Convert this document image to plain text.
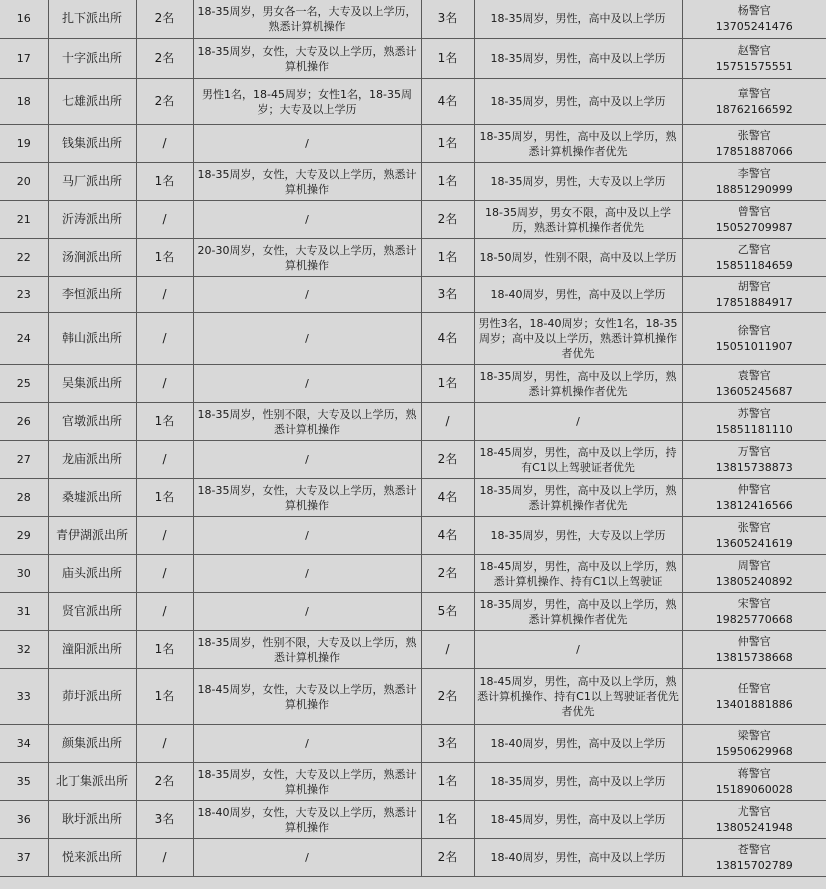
16	扎下派出所	2名	18-35周岁，男女各一名，大专及以上学历，熟悉计算机操作	3名	18-35周岁，男性，高中及以上学历	杨警官
13705241476

17	十字派出所	2名	18-35周岁，女性，大专及以上学历，熟悉计算机操作	1名	18-35周岁，男性，高中及以上学历	赵警官
15751575551

18	七雄派出所	2名	男性1名，18-45周岁；女性1名，18-35周岁；大专及以上学历	4名	18-35周岁，男性，高中及以上学历	章警官
18762166592

19	钱集派出所	/	/	1名	18-35周岁，男性，高中及以上学历，熟悉计算机操作者优先	张警官
17851887066

20	马厂派出所	1名	18-35周岁，女性，大专及以上学历，熟悉计算机操作	1名	18-35周岁，男性，大专及以上学历	李警官
18851290999

21	沂涛派出所	/	/	2名	18-35周岁，男女不限，高中及以上学历，熟悉计算机操作者优先	曾警官
15052709987

22	汤涧派出所	1名	20-30周岁，女性，大专及以上学历，熟悉计算机操作	1名	18-50周岁，性别不限，高中及以上学历	乙警官
15851184659

23	李恒派出所	/	/	3名	18-40周岁，男性，高中及以上学历	胡警官
17851884917

24	韩山派出所	/	/	4名	男性3名，18-40周岁；女性1名，18-35周岁；高中及以上学历，熟悉计算机操作者优先	徐警官
15051011907

25	吴集派出所	/	/	1名	18-35周岁，男性，高中及以上学历，熟悉计算机操作者优先	袁警官
13605245687

26	官墩派出所	1名	18-35周岁，性别不限，大专及以上学历，熟悉计算机操作	/	/	苏警官
15851181110

27	龙庙派出所	/	/	2名	18-45周岁，男性，高中及以上学历，持有C1以上驾驶证者优先	万警官
13815738873

28	桑墟派出所	1名	18-35周岁，女性，大专及以上学历，熟悉计算机操作	4名	18-35周岁，男性，高中及以上学历，熟悉计算机操作者优先	仲警官
13812416566

29	青伊湖派出所	/	/	4名	18-35周岁，男性，大专及以上学历	张警官
13605241619

30	庙头派出所	/	/	2名	18-45周岁，男性，高中及以上学历，熟悉计算机操作、持有C1以上驾驶证	周警官
13805240892

31	贤官派出所	/	/	5名	18-35周岁，男性，高中及以上学历，熟悉计算机操作者优先	宋警官
19825770668

32	潼阳派出所	1名	18-35周岁，性别不限，大专及以上学历，熟悉计算机操作	/	/	仲警官
13815738668

33	茆圩派出所	1名	18-45周岁，女性，大专及以上学历，熟悉计算机操作	2名	18-45周岁，男性，高中及以上学历，熟悉计算机操作、持有C1以上驾驶证者优先者优先	任警官
13401881886

34	颜集派出所	/	/	3名	18-40周岁，男性，高中及以上学历	梁警官
15950629968

35	北丁集派出所	2名	18-35周岁，女性，大专及以上学历，熟悉计算机操作	1名	18-35周岁，男性，高中及以上学历	蒋警官
15189060028

36	耿圩派出所	3名	18-40周岁，女性，大专及以上学历，熟悉计算机操作	1名	18-45周岁，男性，高中及以上学历	尤警官
13805241948

37	悦来派出所	/	/	2名	18-40周岁，男性，高中及以上学历	苍警官
13815702789
